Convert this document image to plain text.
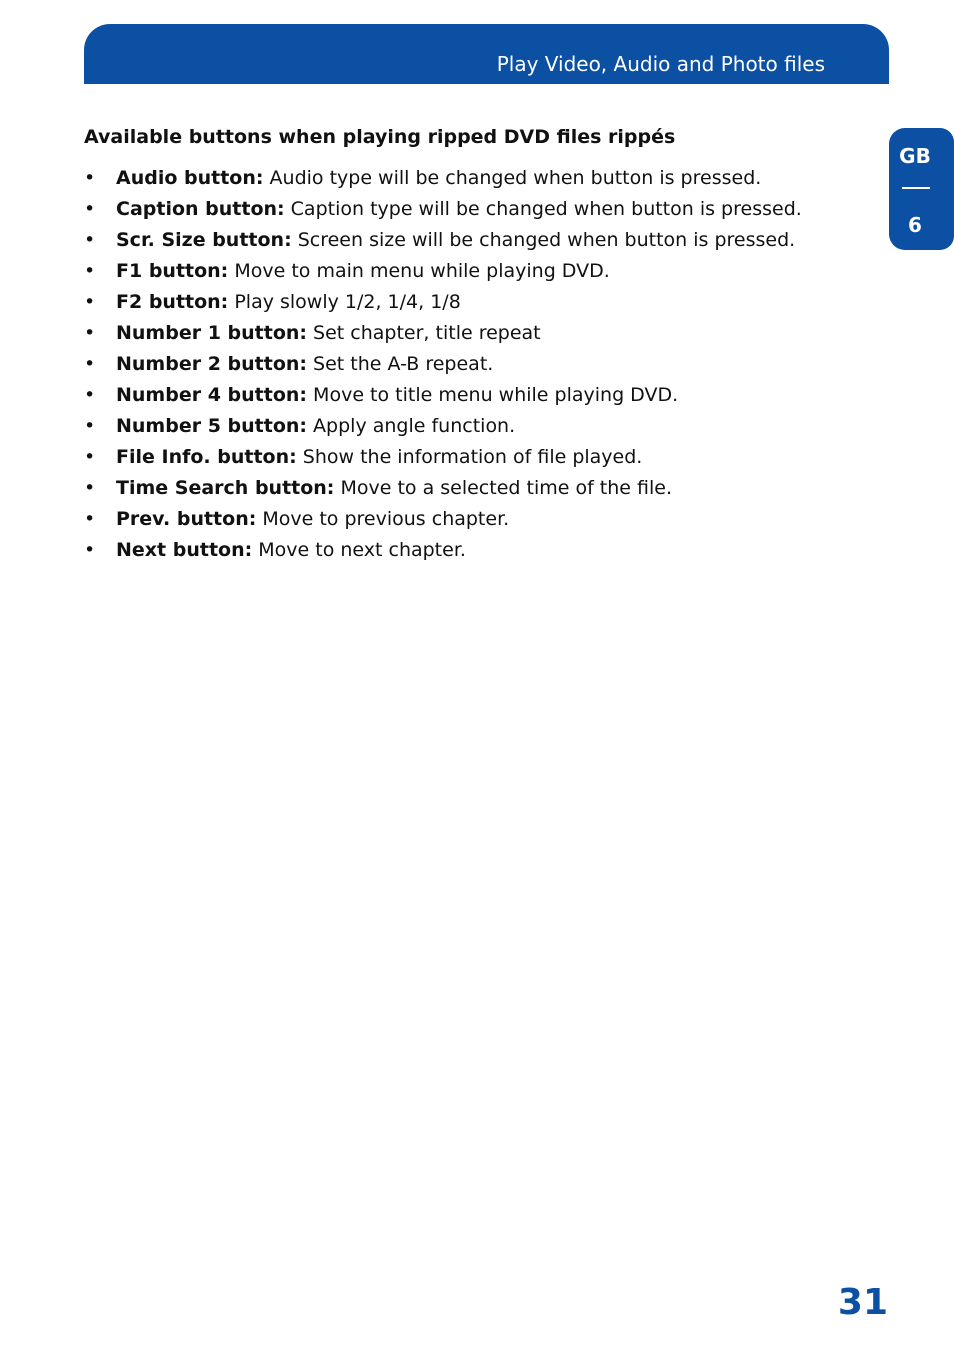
Play Video, Audio and Photo files
GB
6
Available buttons when playing ripped DVD files rippés
• Audio button: Audio type will be changed when button is pressed.
• Caption button: Caption type will be changed when button is pressed.
• Scr. Size button: Screen size will be changed when button is pressed.
• F1 button: Move to main menu while playing DVD.
• F2 button: Play slowly 1/2, 1/4, 1/8
• Number 1 button: Set chapter, title repeat
• Number 2 button: Set the A-B repeat.
• Number 4 button: Move to title menu while playing DVD.
• Number 5 button: Apply angle function.
• File Info. button: Show the information of file played.
• Time Search button: Move to a selected time of the file.
• Prev. button: Move to previous chapter.
• Next button: Move to next chapter.
31
